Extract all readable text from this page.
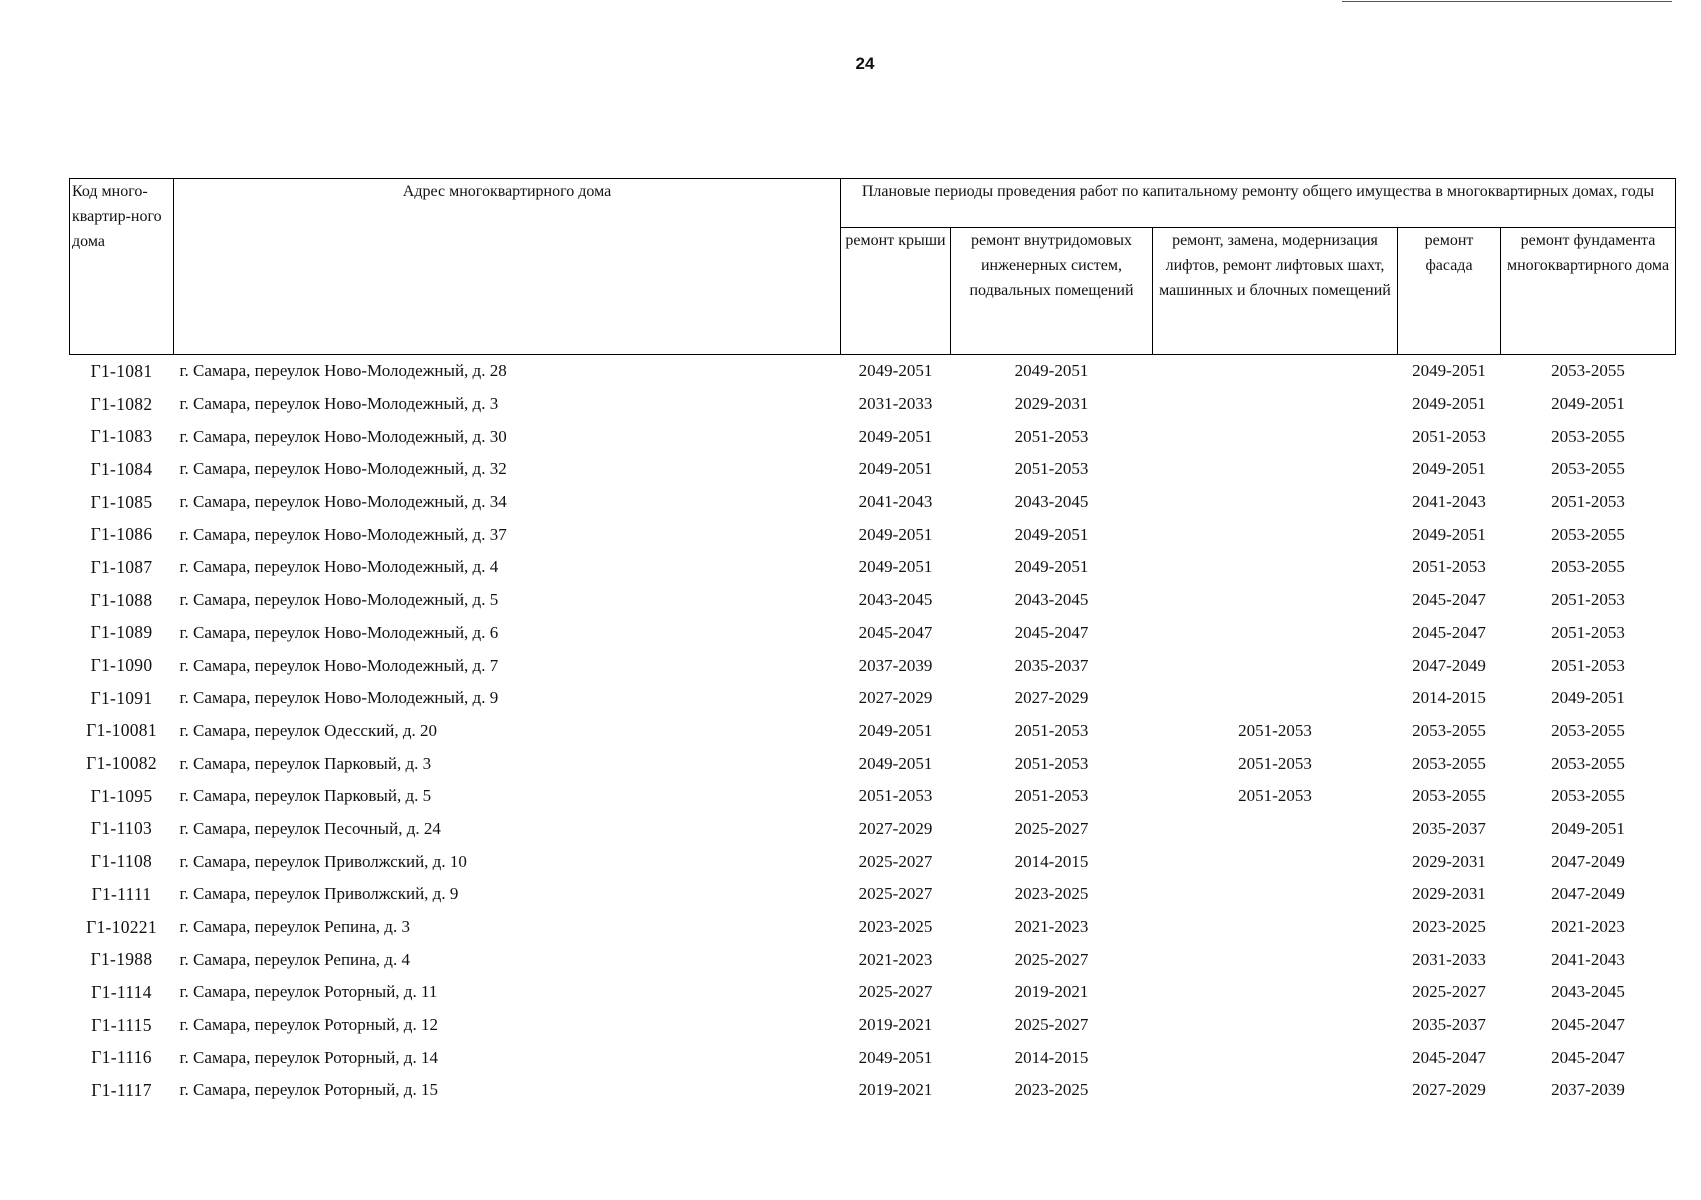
24
Код много-квартир-ного дома	Адрес многоквартирного дома	Плановые периоды проведения работ по капитальному ремонту общего имущества в многоквартирных домах, годы				
		ремонт крыши	ремонт внутридомовых инженерных систем, подвальных помещений	ремонт, замена, модернизация лифтов, ремонт лифтовых шахт, машинных и блочных помещений	ремонт фасада	ремонт фундамента многоквартирного дома
Г1-1081	г. Самара, переулок Ново-Молодежный, д. 28	2049-2051	2049-2051		2049-2051	2053-2055
Г1-1082	г. Самара, переулок Ново-Молодежный, д. 3	2031-2033	2029-2031		2049-2051	2049-2051
Г1-1083	г. Самара, переулок Ново-Молодежный, д. 30	2049-2051	2051-2053		2051-2053	2053-2055
Г1-1084	г. Самара, переулок Ново-Молодежный, д. 32	2049-2051	2051-2053		2049-2051	2053-2055
Г1-1085	г. Самара, переулок Ново-Молодежный, д. 34	2041-2043	2043-2045		2041-2043	2051-2053
Г1-1086	г. Самара, переулок Ново-Молодежный, д. 37	2049-2051	2049-2051		2049-2051	2053-2055
Г1-1087	г. Самара, переулок Ново-Молодежный, д. 4	2049-2051	2049-2051		2051-2053	2053-2055
Г1-1088	г. Самара, переулок Ново-Молодежный, д. 5	2043-2045	2043-2045		2045-2047	2051-2053
Г1-1089	г. Самара, переулок Ново-Молодежный, д. 6	2045-2047	2045-2047		2045-2047	2051-2053
Г1-1090	г. Самара, переулок Ново-Молодежный, д. 7	2037-2039	2035-2037		2047-2049	2051-2053
Г1-1091	г. Самара, переулок Ново-Молодежный, д. 9	2027-2029	2027-2029		2014-2015	2049-2051
Г1-10081	г. Самара, переулок Одесский, д. 20	2049-2051	2051-2053	2051-2053	2053-2055	2053-2055
Г1-10082	г. Самара, переулок Парковый, д. 3	2049-2051	2051-2053	2051-2053	2053-2055	2053-2055
Г1-1095	г. Самара, переулок Парковый, д. 5	2051-2053	2051-2053	2051-2053	2053-2055	2053-2055
Г1-1103	г. Самара, переулок Песочный, д. 24	2027-2029	2025-2027		2035-2037	2049-2051
Г1-1108	г. Самара, переулок Приволжский, д. 10	2025-2027	2014-2015		2029-2031	2047-2049
Г1-1111	г. Самара, переулок Приволжский, д. 9	2025-2027	2023-2025		2029-2031	2047-2049
Г1-10221	г. Самара, переулок Репина, д. 3	2023-2025	2021-2023		2023-2025	2021-2023
Г1-1988	г. Самара, переулок Репина, д. 4	2021-2023	2025-2027		2031-2033	2041-2043
Г1-1114	г. Самара, переулок Роторный, д. 11	2025-2027	2019-2021		2025-2027	2043-2045
Г1-1115	г. Самара, переулок Роторный, д. 12	2019-2021	2025-2027		2035-2037	2045-2047
Г1-1116	г. Самара, переулок Роторный, д. 14	2049-2051	2014-2015		2045-2047	2045-2047
Г1-1117	г. Самара, переулок Роторный, д. 15	2019-2021	2023-2025		2027-2029	2037-2039
